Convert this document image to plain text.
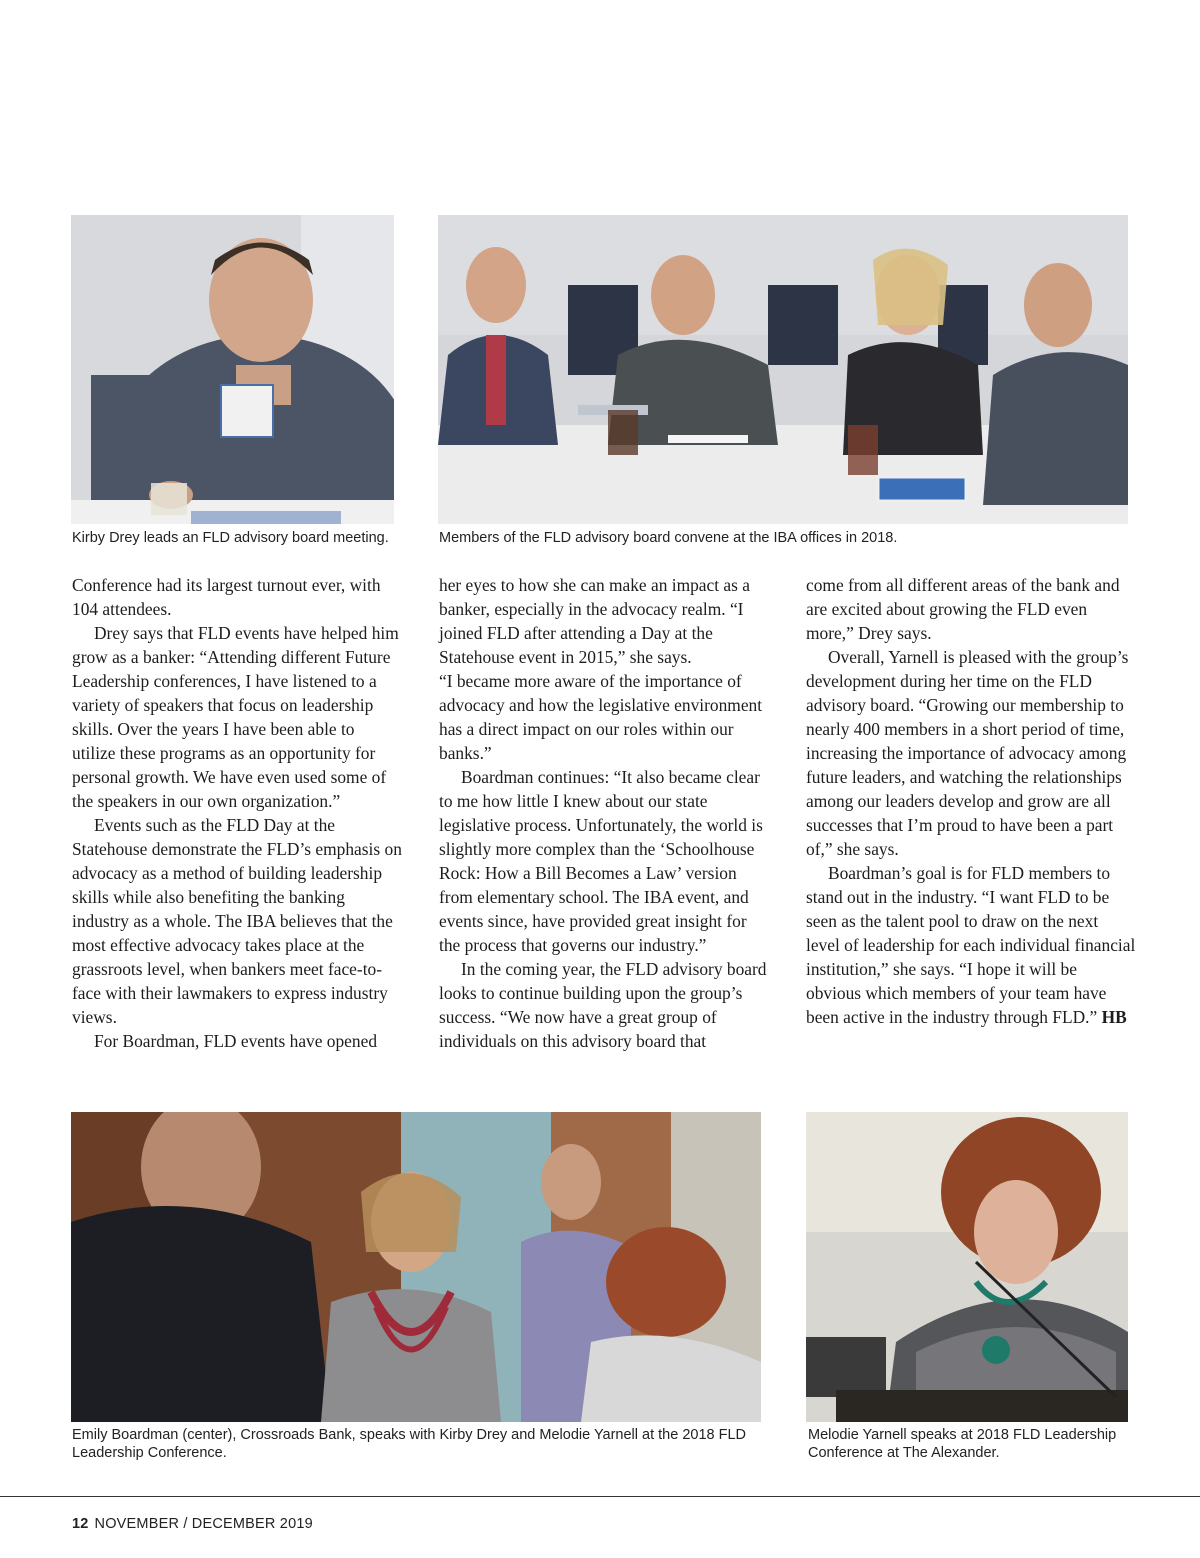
Kirby Drey leads an FLD advisory board meeting.	Members of the FLD advisory board convene at the IBA offices in 2018.

Conference had its largest turnout ever, with 104 attendees.

Drey says that FLD events have helped him grow as a banker: “Attending different Future Leadership conferences, I have listened to a variety of speakers that focus on leadership skills. Over the years I have been able to utilize these programs as an opportunity for personal growth. We have even used some of the speakers in our own organization.”

Events such as the FLD Day at the Statehouse demonstrate the FLD’s emphasis on advocacy as a method of building leadership skills while also benefiting the banking industry as a whole. The IBA believes that the most effective advocacy takes place at the grassroots level, when bankers meet face-to-face with their lawmakers to express industry views.

For Boardman, FLD events have opened

her eyes to how she can make an impact as a banker, especially in the advocacy realm. “I joined FLD after attending a Day at the Statehouse event in 2015,” she says.

“I became more aware of the importance of advocacy and how the legislative environment has a direct impact on our roles within our banks.”

Boardman continues: “It also became clear to me how little I knew about our state legislative process. Unfortunately, the world is slightly more complex than the ‘Schoolhouse Rock: How a Bill Becomes a Law’ version from elementary school. The IBA event, and events since, have provided great insight for the process that governs our industry.”

In the coming year, the FLD advisory board looks to continue building upon the group’s success. “We now have a great group of individuals on this advisory board that

come from all different areas of the bank and are excited about growing the FLD even more,” Drey says.

Overall, Yarnell is pleased with the group’s development during her time on the FLD advisory board. “Growing our membership to nearly 400 members in a short period of time, increasing the importance of advocacy among future leaders, and watching the relationships among our leaders develop and grow are all successes that I’m proud to have been a part of,” she says.

Boardman’s goal is for FLD members to stand out in the industry. “I want FLD to be seen as the talent pool to draw on the next level of leadership for each individual financial institution,” she says. “I hope it will be obvious which members of your team have been active in the industry through FLD.” HB

Emily Boardman (center), Crossroads Bank, speaks with Kirby Drey and Melodie Yarnell at the 2018 FLD Leadership Conference.
Melodie Yarnell speaks at 2018 FLD Leadership Conference at The Alexander.
12 NOVEMBER / DECEMBER 2019
